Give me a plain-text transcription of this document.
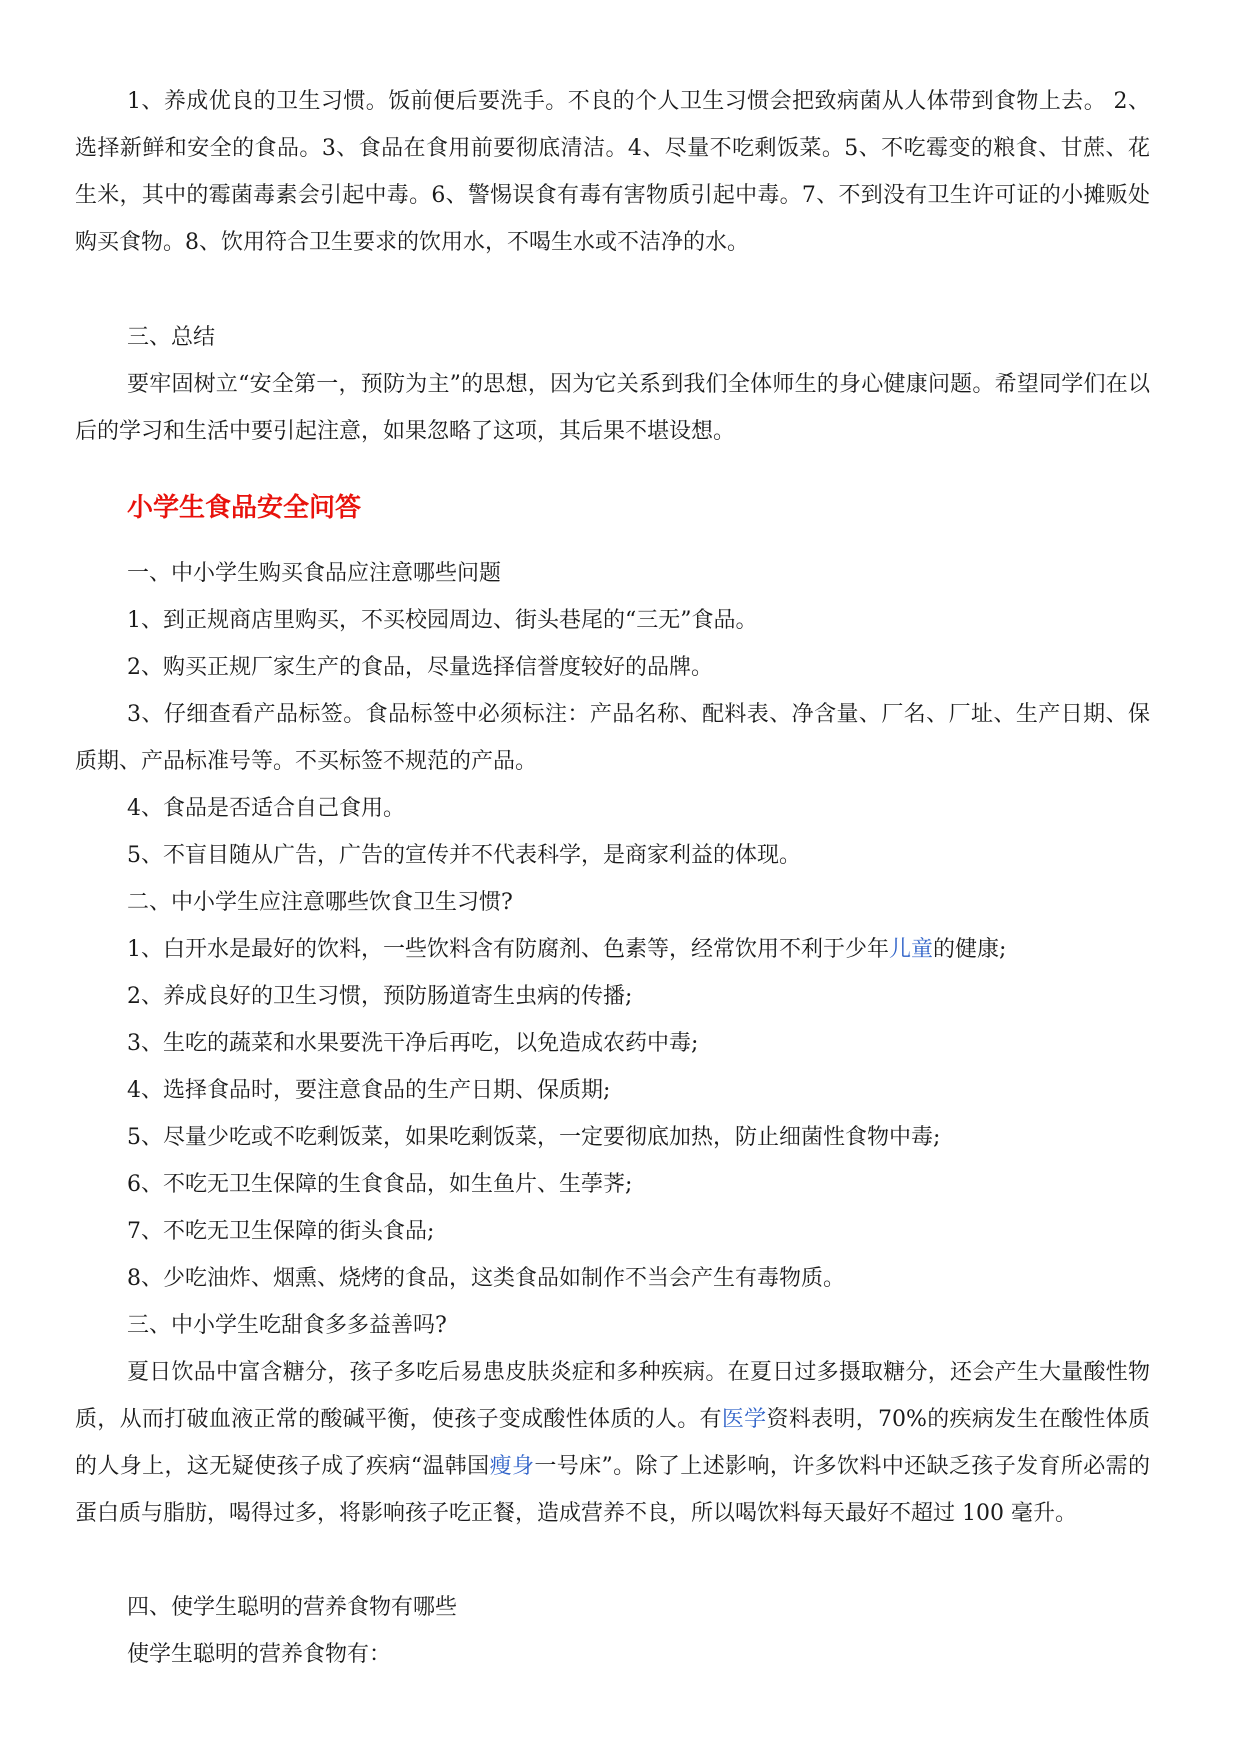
1、养成优良的卫生习惯。饭前便后要洗手。不良的个人卫生习惯会把致病菌从人体带到食物上去。 2、选择新鲜和安全的食品。3、食品在食用前要彻底清洁。4、尽量不吃剩饭菜。5、不吃霉变的粮食、甘蔗、花生米，其中的霉菌毒素会引起中毒。6、警惕误食有毒有害物质引起中毒。7、不到没有卫生许可证的小摊贩处购买食物。8、饮用符合卫生要求的饮用水，不喝生水或不洁净的水。

三、总结

要牢固树立“安全第一，预防为主”的思想，因为它关系到我们全体师生的身心健康问题。希望同学们在以后的学习和生活中要引起注意，如果忽略了这项，其后果不堪设想。

小学生食品安全问答

一、中小学生购买食品应注意哪些问题

1、到正规商店里购买，不买校园周边、街头巷尾的“三无”食品。

2、购买正规厂家生产的食品，尽量选择信誉度较好的品牌。

3、仔细查看产品标签。食品标签中必须标注：产品名称、配料表、净含量、厂名、厂址、生产日期、保质期、产品标准号等。不买标签不规范的产品。

4、食品是否适合自己食用。

5、不盲目随从广告，广告的宣传并不代表科学，是商家利益的体现。

二、中小学生应注意哪些饮食卫生习惯?

1、白开水是最好的饮料，一些饮料含有防腐剂、色素等，经常饮用不利于少年儿童的健康;

2、养成良好的卫生习惯，预防肠道寄生虫病的传播;

3、生吃的蔬菜和水果要洗干净后再吃，以免造成农药中毒;

4、选择食品时，要注意食品的生产日期、保质期;

5、尽量少吃或不吃剩饭菜，如果吃剩饭菜，一定要彻底加热，防止细菌性食物中毒;

6、不吃无卫生保障的生食食品，如生鱼片、生荸荠;

7、不吃无卫生保障的街头食品;

8、少吃油炸、烟熏、烧烤的食品，这类食品如制作不当会产生有毒物质。

三、中小学生吃甜食多多益善吗?

夏日饮品中富含糖分，孩子多吃后易患皮肤炎症和多种疾病。在夏日过多摄取糖分，还会产生大量酸性物质，从而打破血液正常的酸碱平衡，使孩子变成酸性体质的人。有医学资料表明，70%的疾病发生在酸性体质的人身上，这无疑使孩子成了疾病“温韩国瘦身一号床”。除了上述影响，许多饮料中还缺乏孩子发育所必需的蛋白质与脂肪，喝得过多，将影响孩子吃正餐，造成营养不良，所以喝饮料每天最好不超过 100 毫升。

四、使学生聪明的营养食物有哪些

使学生聪明的营养食物有：
